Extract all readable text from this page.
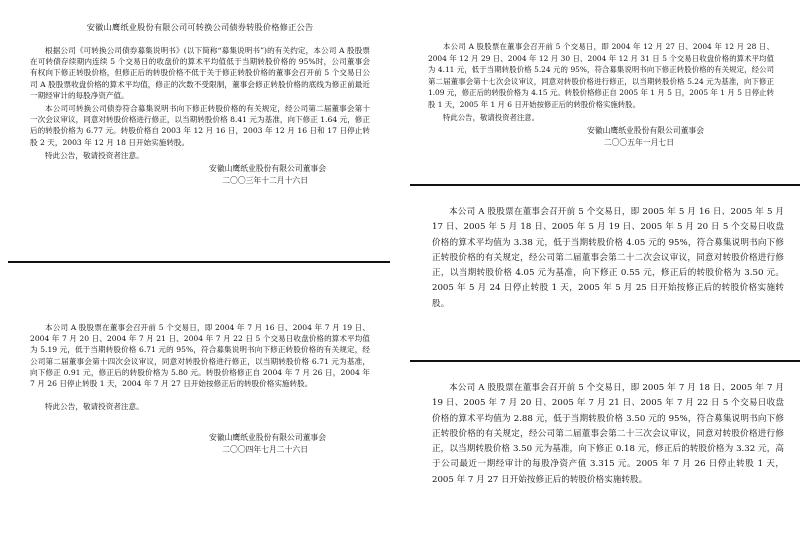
安徽山鹰纸业股份有限公司可转换公司债券转股价格修正公告

根据公司《可转换公司债券募集说明书》(以下简称“募集说明书”)的有关约定，本公司 A 股股票在可转债存续期内连续 5 个交易日的收盘价的算术平均值低于当期转股价格的 95%时，公司董事会有权向下修正转股价格，但修正后的转股价格不低于关于修正转股价格的董事会召开前 5 个交易日公司 A 股股票收盘价格的算术平均值，修正的次数不受限制，董事会修正转股价格的底线为修正前最近一期经审计的每股净资产值。

本公司可转换公司债券符合募集说明书向下修正转股价格的有关规定，经公司第二届董事会第十一次会议审议，同意对转股价格进行修正，以当期转股价格 8.41 元为基准，向下修正 1.64 元，修正后的转股价格为 6.77 元。转股价格自 2003 年 12 月 16 日，2003 年 12 月 16 日和 17 日停止转股 2 天，2003 年 12 月 18 日开始实施转股。

特此公告，敬请投资者注意。

安徽山鹰纸业股份有限公司董事会
二〇〇三年十二月十六日

本公司 A 股股票在董事会召开前 5 个交易日，即 2004 年 7 月 16 日、2004 年 7 月 19 日、2004 年 7 月 20 日、2004 年 7 月 21 日、2004 年 7 月 22 日 5 个交易日收盘价格的算术平均值为 5.19 元，低于当期转股价格 6.71 元的 95%，符合募集说明书向下修正转股价格的有关规定，经公司第二届董事会第十四次会议审议，同意对转股价格进行修正，以当期转股价格 6.71 元为基准，向下修正 0.91 元，修正后的转股价格为 5.80 元。转股价格修正自 2004 年 7 月 26 日，2004 年 7 月 26 日停止转股 1 天，2004 年 7 月 27 日开始按修正后的转股价格实施转股。

特此公告，敬请投资者注意。

安徽山鹰纸业股份有限公司董事会
二〇〇四年七月二十六日

本公司 A 股股票在董事会召开前 5 个交易日，即 2004 年 12 月 27 日、2004 年 12 月 28 日、2004 年 12 月 29 日、2004 年 12 月 30 日、2004 年 12 月 31 日 5 个交易日收盘价格的算术平均值为 4.11 元，低于当期转股价格 5.24 元的 95%，符合募集说明书向下修正转股价格的有关规定，经公司第二届董事会第十七次会议审议，同意对转股价格进行修正，以当期转股价格 5.24 元为基准，向下修正 1.09 元，修正后的转股价格为 4.15 元。转股价格修正自 2005 年 1 月 5 日，2005 年 1 月 5 日停止转股 1 天，2005 年 1 月 6 日开始按修正后的转股价格实施转股。

特此公告，敬请投资者注意。

安徽山鹰纸业股份有限公司董事会
二〇〇五年一月七日

本公司 A 股股票在董事会召开前 5 个交易日，即 2005 年 5 月 16 日、2005 年 5 月 17 日、2005 年 5 月 18 日、2005 年 5 月 19 日、2005 年 5 月 20 日 5 个交易日收盘价格的算术平均值为 3.38 元，低于当期转股价格 4.05 元的 95%，符合募集说明书向下修正转股价格的有关规定，经公司第二届董事会第二十二次会议审议，同意对转股价格进行修正，以当期转股价格 4.05 元为基准，向下修正 0.55 元，修正后的转股价格为 3.50 元。2005 年 5 月 24 日停止转股 1 天，2005 年 5 月 25 日开始按修正后的转股价格实施转股。

本公司 A 股股票在董事会召开前 5 个交易日，即 2005 年 7 月 18 日、2005 年 7 月 19 日、2005 年 7 月 20 日、2005 年 7 月 21 日、2005 年 7 月 22 日 5 个交易日收盘价格的算术平均值为 2.88 元，低于当期转股价格 3.50 元的 95%，符合募集说明书向下修正转股价格的有关规定，经公司第二届董事会第二十三次会议审议，同意对转股价格进行修正，以当期转股价格 3.50 元为基准，向下修正 0.18 元，修正后的转股价格为 3.32 元，高于公司最近一期经审计的每股净资产值 3.315 元。2005 年 7 月 26 日停止转股 1 天，2005 年 7 月 27 日开始按修正后的转股价格实施转股。
